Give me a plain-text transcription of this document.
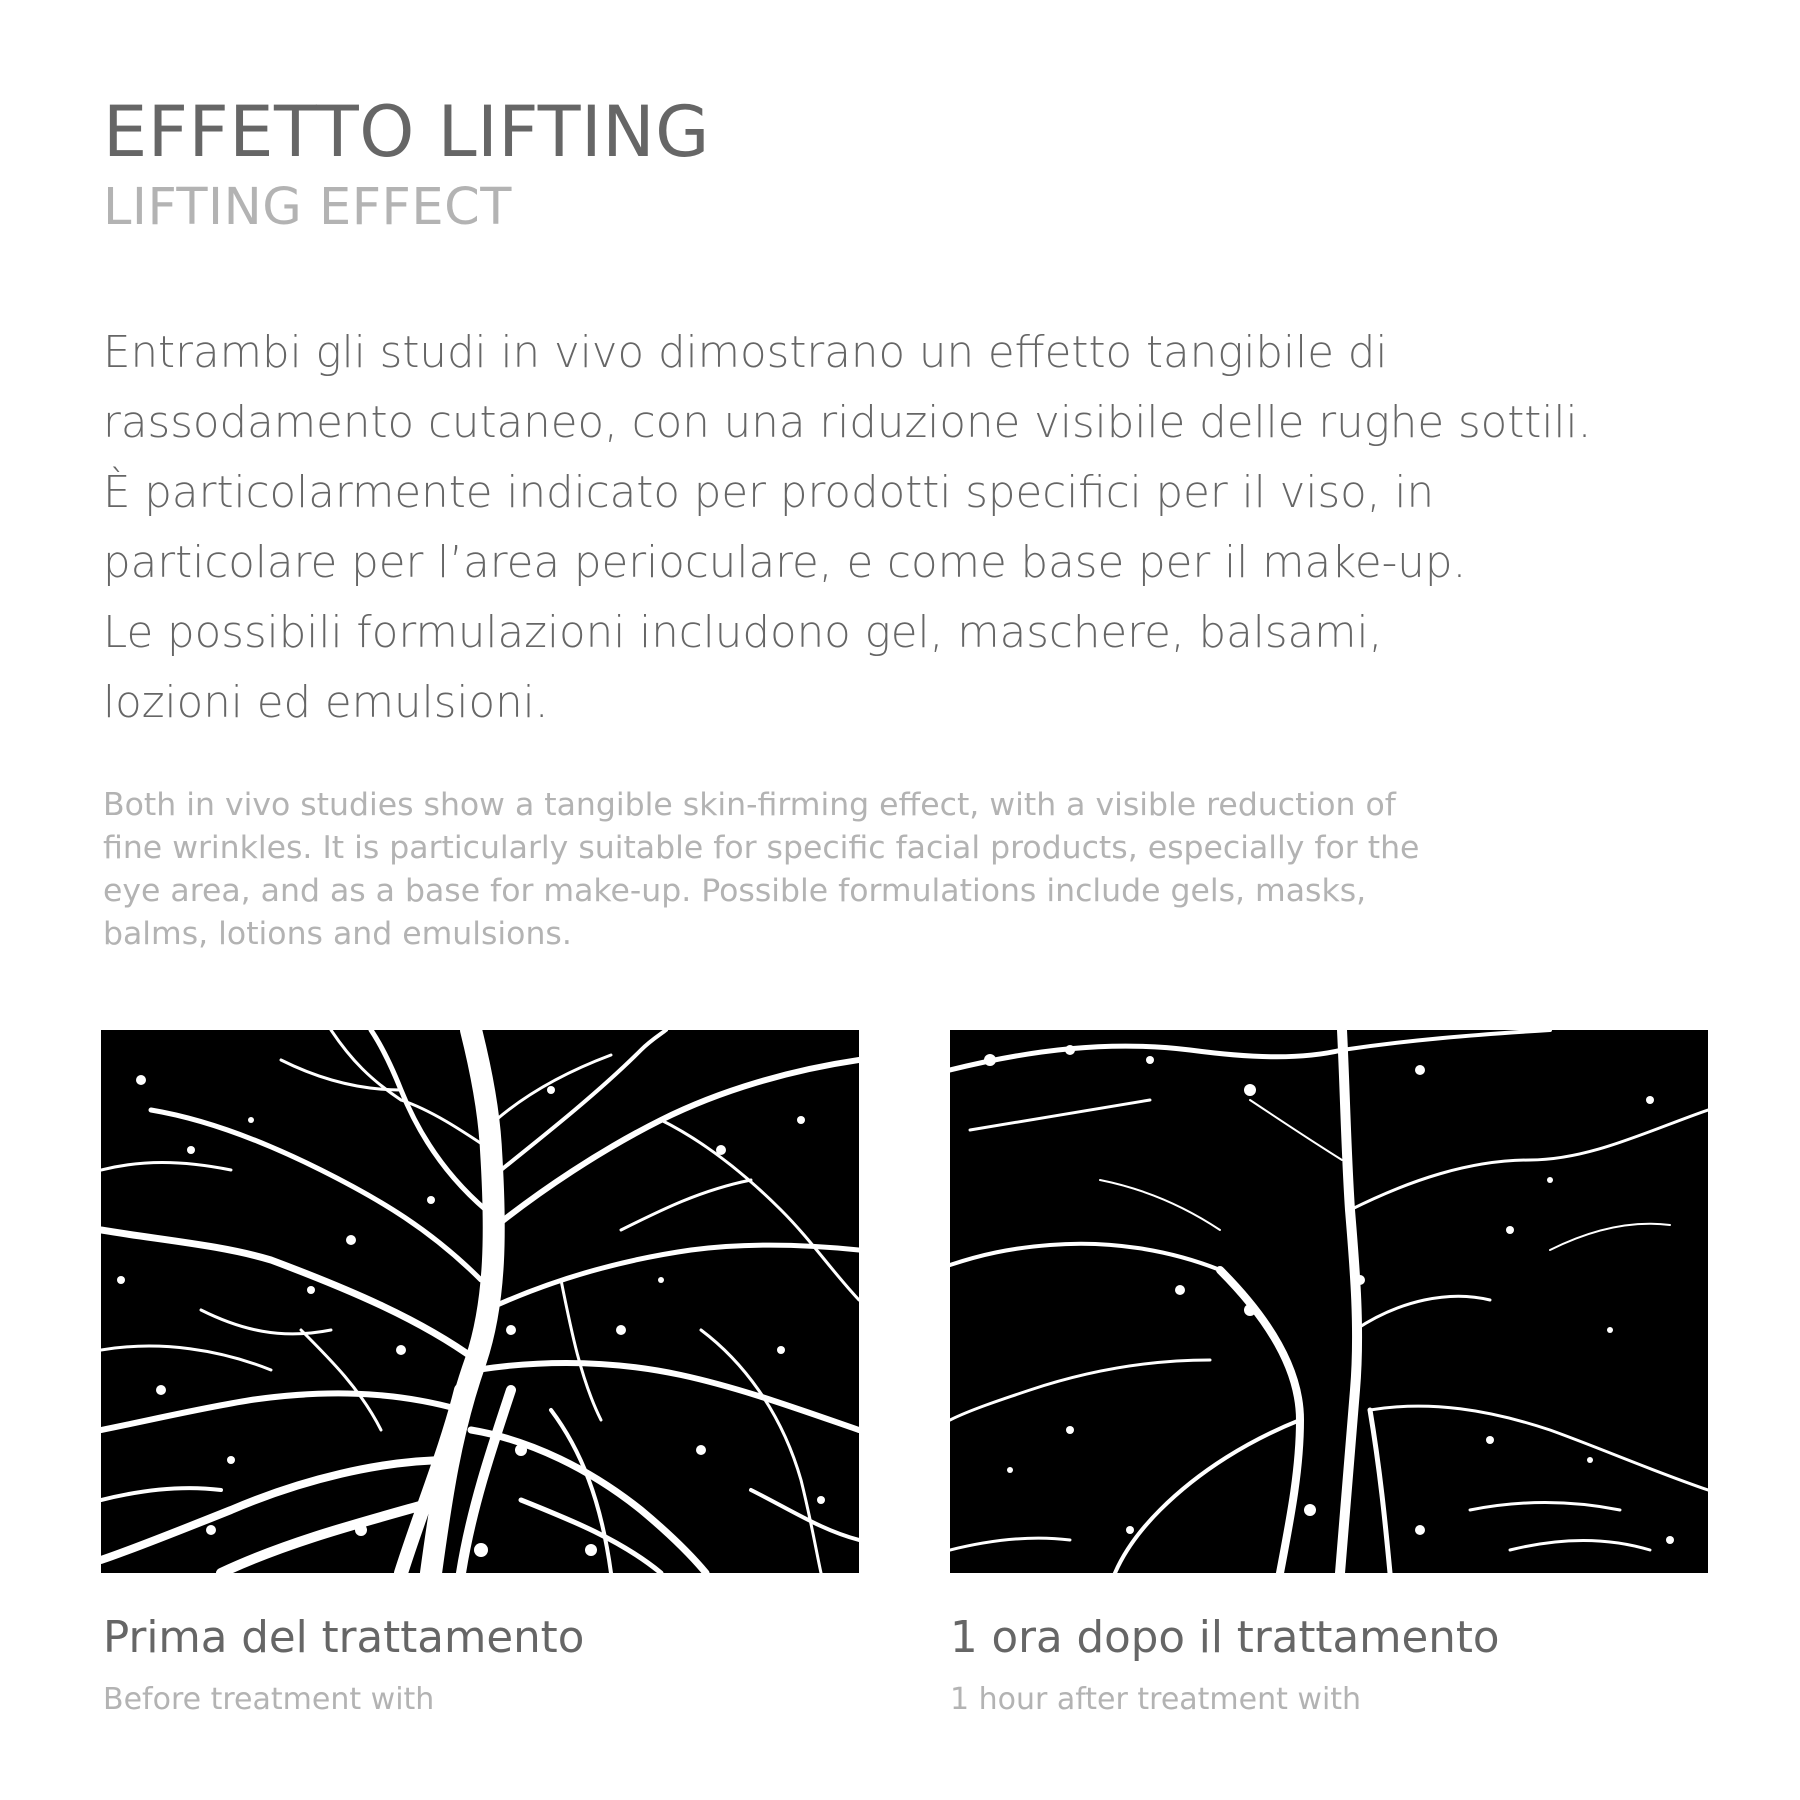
EFFETTO LIFTING
LIFTING EFFECT
Entrambi gli studi in vivo dimostrano un effetto tangibile di
rassodamento cutaneo, con una riduzione visibile delle rughe sottili.
È particolarmente indicato per prodotti specifici per il viso, in
particolare per l’area perioculare, e come base per il make-up.
Le possibili formulazioni includono gel, maschere, balsami,
lozioni ed emulsioni.
Both in vivo studies show a tangible skin-firming effect, with a visible reduction of
fine wrinkles. It is particularly suitable for specific facial products, especially for the
eye area, and as a base for make-up. Possible formulations include gels, masks,
balms, lotions and emulsions.
Prima del trattamento
Before treatment with
1 ora dopo il trattamento
1 hour after treatment with
